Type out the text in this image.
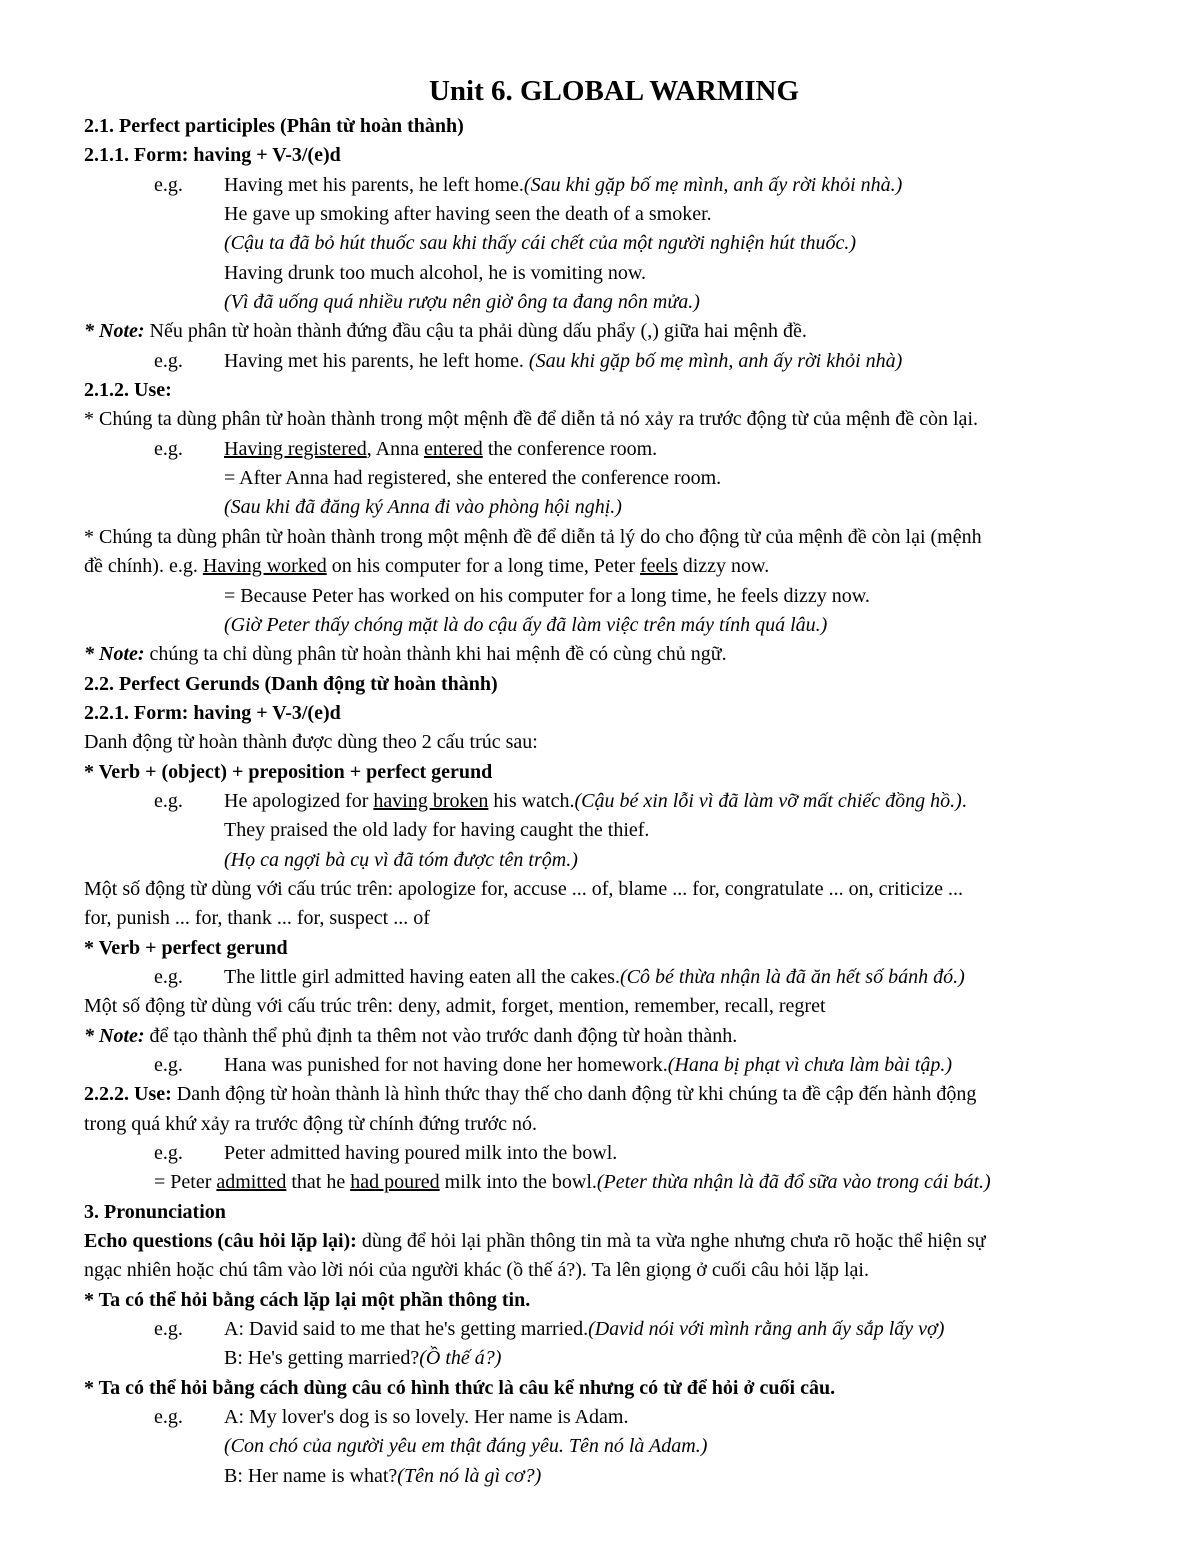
Unit 6. GLOBAL WARMING
2.1. Perfect participles (Phân từ hoàn thành)
2.1.1. Form: having + V-3/(e)d
e.g. Having met his parents, he left home.(Sau khi gặp bố mẹ mình, anh ấy rời khỏi nhà.)
He gave up smoking after having seen the death of a smoker.
(Cậu ta đã bỏ hút thuốc sau khi thấy cái chết của một người nghiện hút thuốc.)
Having drunk too much alcohol, he is vomiting now.
(Vì đã uống quá nhiều rượu nên giờ ông ta đang nôn mửa.)
* Note: Nếu phân từ hoàn thành đứng đầu cậu ta phải dùng dấu phẩy (,) giữa hai mệnh đề.
e.g. Having met his parents, he left home. (Sau khi gặp bố mẹ mình, anh ấy rời khỏi nhà)
2.1.2. Use:
* Chúng ta dùng phân từ hoàn thành trong một mệnh đề để diễn tả nó xảy ra trước động từ của mệnh đề còn lại.
e.g. Having registered, Anna entered the conference room.
= After Anna had registered, she entered the conference room.
(Sau khi đã đăng ký Anna đi vào phòng hội nghị.)
* Chúng ta dùng phân từ hoàn thành trong một mệnh đề để diễn tả lý do cho động từ của mệnh đề còn lại (mệnh
đề chính). e.g. Having worked on his computer for a long time, Peter feels dizzy now.
= Because Peter has worked on his computer for a long time, he feels dizzy now.
(Giờ Peter thấy chóng mặt là do cậu ấy đã làm việc trên máy tính quá lâu.)
* Note: chúng ta chỉ dùng phân từ hoàn thành khi hai mệnh đề có cùng chủ ngữ.
2.2. Perfect Gerunds (Danh động từ hoàn thành)
2.2.1. Form: having + V-3/(e)d
Danh động từ hoàn thành được dùng theo 2 cấu trúc sau:
* Verb + (object) + preposition + perfect gerund
e.g. He apologized for having broken his watch.(Cậu bé xin lỗi vì đã làm vỡ mất chiếc đồng hồ.).
They praised the old lady for having caught the thief.
(Họ ca ngợi bà cụ vì đã tóm được tên trộm.)
Một số động từ dùng với cấu trúc trên: apologize for, accuse ... of, blame ... for, congratulate ... on, criticize ...
for, punish ... for, thank ... for, suspect ... of
* Verb + perfect gerund
e.g. The little girl admitted having eaten all the cakes.(Cô bé thừa nhận là đã ăn hết số bánh đó.)
Một số động từ dùng với cấu trúc trên: deny, admit, forget, mention, remember, recall, regret
* Note: để tạo thành thể phủ định ta thêm not vào trước danh động từ hoàn thành.
e.g. Hana was punished for not having done her homework.(Hana bị phạt vì chưa làm bài tập.)
2.2.2. Use: Danh động từ hoàn thành là hình thức thay thế cho danh động từ khi chúng ta đề cập đến hành động
trong quá khứ xảy ra trước động từ chính đứng trước nó.
e.g. Peter admitted having poured milk into the bowl.
= Peter admitted that he had poured milk into the bowl.(Peter thừa nhận là đã đổ sữa vào trong cái bát.)
3. Pronunciation
Echo questions (câu hỏi lặp lại): dùng để hỏi lại phần thông tin mà ta vừa nghe nhưng chưa rõ hoặc thể hiện sự
ngạc nhiên hoặc chú tâm vào lời nói của người khác (ồ thế á?). Ta lên giọng ở cuối câu hỏi lặp lại.
* Ta có thể hỏi bằng cách lặp lại một phần thông tin.
e.g. A: David said to me that he's getting married.(David nói với mình rằng anh ấy sắp lấy vợ)
B: He's getting married?(Ồ thế á?)
* Ta có thể hỏi bằng cách dùng câu có hình thức là câu kể nhưng có từ để hỏi ở cuối câu.
e.g. A: My lover's dog is so lovely. Her name is Adam.
(Con chó của người yêu em thật đáng yêu. Tên nó là Adam.)
B: Her name is what?(Tên nó là gì cơ?)
